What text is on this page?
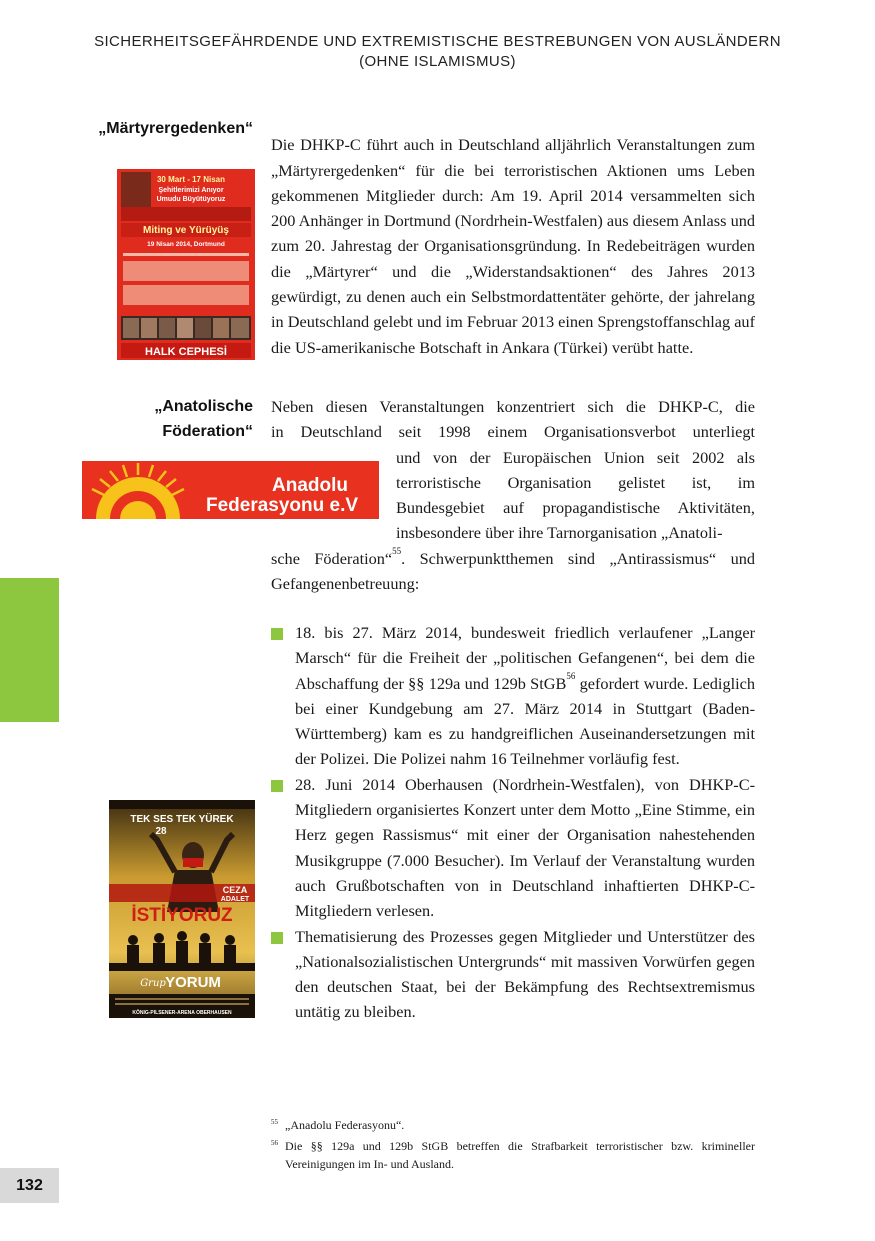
SICHERHEITSGEFÄHRDENDE UND EXTREMISTISCHE BESTREBUNGEN VON AUSLÄNDERN
(OHNE ISLAMISMUS)
„Märtyrergedenken“
„Anatolische
Föderation“

Die DHKP-C führt auch in Deutschland alljährlich Veranstaltungen zum „Märtyrergedenken“ für die bei terroristischen Aktionen ums Leben gekommenen Mitglieder durch: Am 19. April 2014 versammelten sich 200 Anhänger in Dortmund (Nordrhein-Westfalen) aus diesem Anlass und zum 20. Jahrestag der Organisationsgründung. In Redebeiträgen wurden die „Märtyrer“ und die „Widerstandsaktionen“ des Jahres 2013 gewürdigt, zu denen auch ein Selbstmordattentäter gehörte, der jahrelang in Deutschland gelebt und im Februar 2013 einen Sprengstoffanschlag auf die US-amerikanische Botschaft in Ankara (Türkei) verübt hatte.

Neben diesen Veranstaltungen konzentriert sich die DHKP-C, die
in Deutschland seit 1998 einem Organisationsverbot unterliegt
und von der Europäischen Union seit 2002 als terroristische Organisation gelistet ist, im Bundesgebiet auf propagandistische Aktivitäten, insbesondere über ihre Tarnorganisation „Anatoli-
sche Föderation“$^{55}$. Schwerpunktthemen sind „Antirassismus“ und Gefangenenbetreuung:
18. bis 27. März 2014, bundesweit friedlich verlaufener „Langer Marsch“ für die Freiheit der „politischen Gefangenen“, bei dem die Abschaffung der §§ 129a und 129b StGB$^{56}$ gefordert wurde. Lediglich bei einer Kundgebung am 27. März 2014 in Stuttgart (Baden-Württemberg) kam es zu handgreiflichen Auseinandersetzungen mit der Polizei. Die Polizei nahm 16 Teilnehmer vorläufig fest.
28. Juni 2014 Oberhausen (Nordrhein-Westfalen), von DHKP-C-Mitgliedern organisiertes Konzert unter dem Motto „Eine Stimme, ein Herz gegen Rassismus“ mit einer der Organisation nahestehenden Musikgruppe (7.000 Besucher). Im Verlauf der Veranstaltung wurden auch Grußbotschaften von in Deutschland inhaftierten DHKP-C-Mitgliedern verlesen.
Thematisierung des Prozesses gegen Mitglieder und Unterstützer des „Nationalsozialistischen Untergrunds“ mit massiven Vorwürfen gegen den deutschen Staat, bei der Bekämpfung des Rechtsextremismus untätig zu bleiben.
30 Mart - 17 Nisan
Şehitlerimizi Anıyor
Umudu Büyütüyoruz
Miting ve Yürüyüş
19 Nisan 2014, Dortmund
HALK CEPHESİ
Anadolu
Federasyonu e.V
TEK SES TEK YÜREK
28
CEZA
ADALET
İSTİYORUZ
Grup YORUM
KÖNIG-PILSENER-ARENA OBERHAUSEN
55 „Anadolu Federasyonu“.
56 Die §§ 129a und 129b StGB betreffen die Strafbarkeit terroristischer bzw. krimineller Vereinigungen im In- und Ausland.
132
